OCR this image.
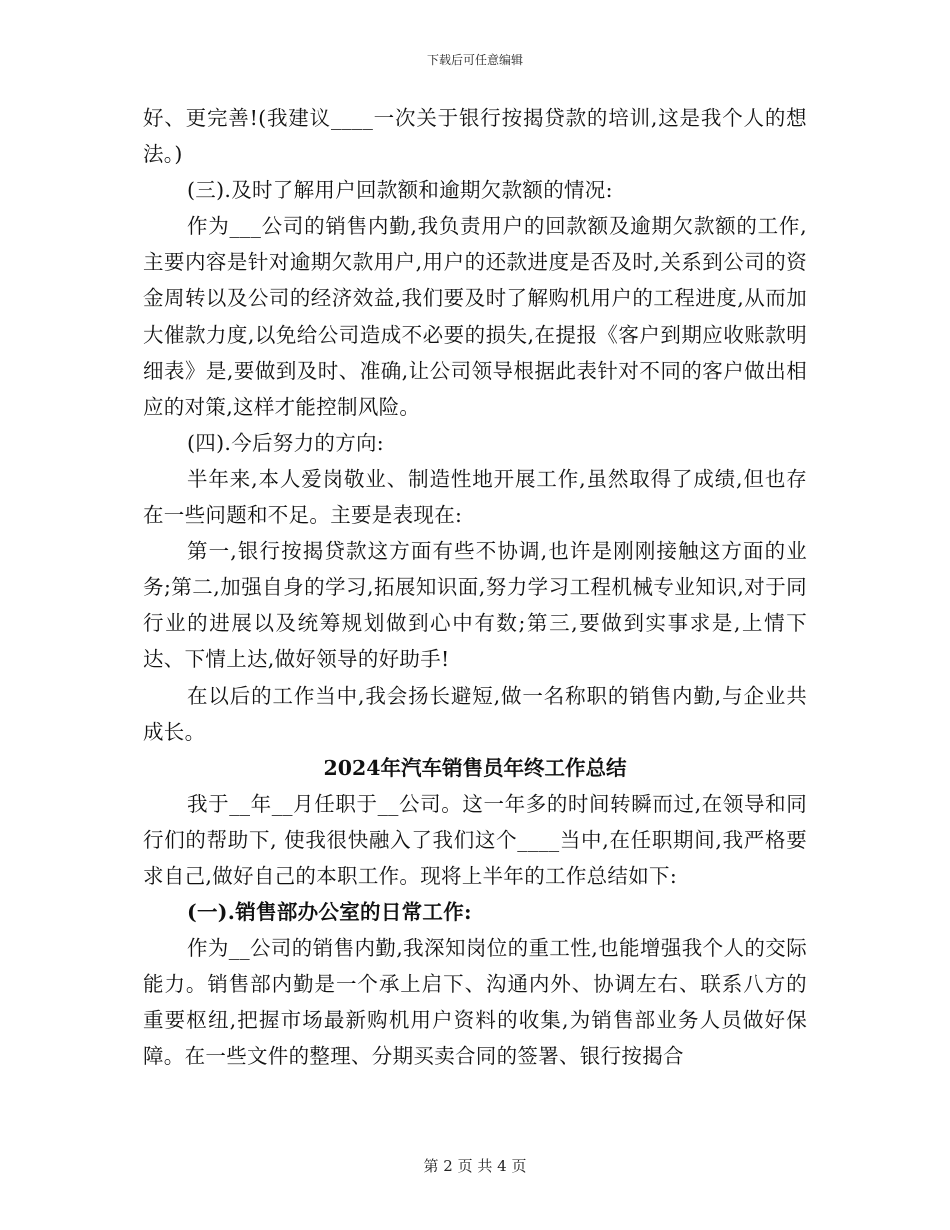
下载后可任意编辑

好、更完善!(我建议____一次关于银行按揭贷款的培训,这是我个人的想法。)

(三).及时了解用户回款额和逾期欠款额的情况:

作为___公司的销售内勤,我负责用户的回款额及逾期欠款额的工作,主要内容是针对逾期欠款用户,用户的还款进度是否及时,关系到公司的资金周转以及公司的经济效益,我们要及时了解购机用户的工程进度,从而加大催款力度,以免给公司造成不必要的损失,在提报《客户到期应收账款明细表》是,要做到及时、准确,让公司领导根据此表针对不同的客户做出相应的对策,这样才能控制风险。

(四).今后努力的方向:

半年来,本人爱岗敬业、制造性地开展工作,虽然取得了成绩,但也存在一些问题和不足。主要是表现在:

第一,银行按揭贷款这方面有些不协调,也许是刚刚接触这方面的业务;第二,加强自身的学习,拓展知识面,努力学习工程机械专业知识,对于同行业的进展以及统筹规划做到心中有数;第三,要做到实事求是,上情下达、下情上达,做好领导的好助手!

在以后的工作当中,我会扬长避短,做一名称职的销售内勤,与企业共成长。

2024年汽车销售员年终工作总结

我于__年__月任职于__公司。这一年多的时间转瞬而过,在领导和同行们的帮助下, 使我很快融入了我们这个____当中,在任职期间,我严格要求自己,做好自己的本职工作。现将上半年的工作总结如下:

(一).销售部办公室的日常工作:

作为__公司的销售内勤,我深知岗位的重工性,也能增强我个人的交际能力。销售部内勤是一个承上启下、沟通内外、协调左右、联系八方的重要枢纽,把握市场最新购机用户资料的收集,为销售部业务人员做好保障。在一些文件的整理、分期买卖合同的签署、银行按揭合

第 2 页 共 4 页
